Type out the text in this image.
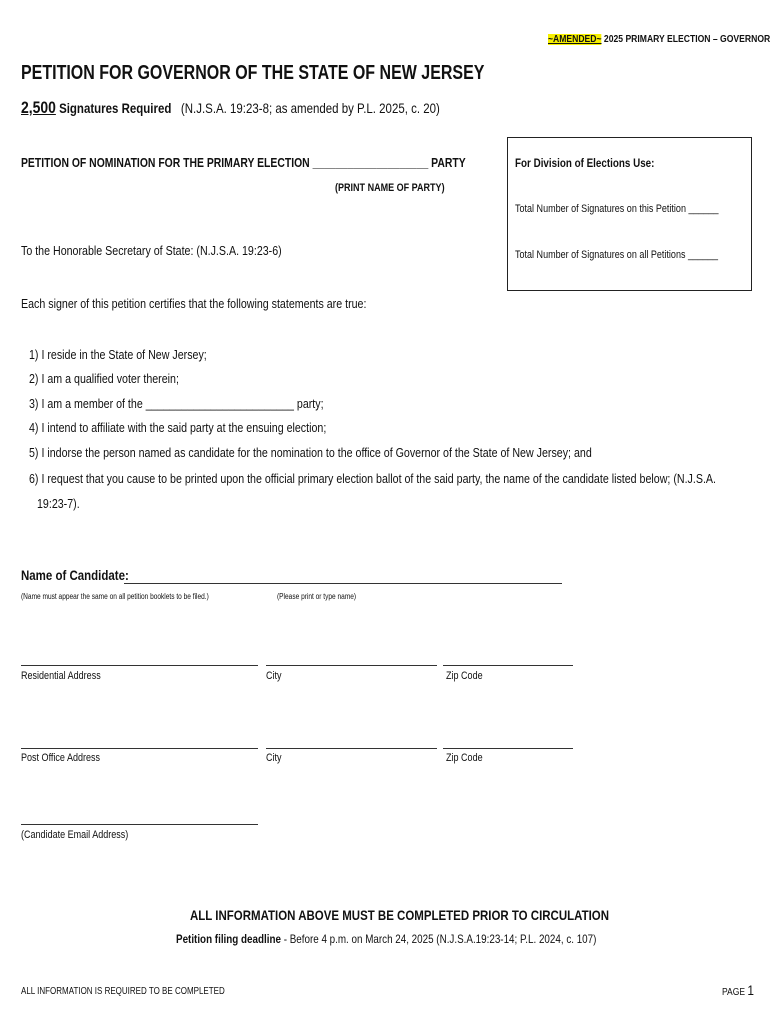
~AMENDED~ 2025 PRIMARY ELECTION – GOVERNOR
PETITION FOR GOVERNOR OF THE STATE OF NEW JERSEY
2,500 Signatures Required (N.J.S.A. 19:23-8; as amended by P.L. 2025, c. 20)
PETITION OF NOMINATION FOR THE PRIMARY ELECTION ____________________ PARTY
(PRINT NAME OF PARTY)
For Division of Elections Use:
Total Number of Signatures on this Petition ______
Total Number of Signatures on all Petitions ______
To the Honorable Secretary of State: (N.J.S.A. 19:23-6)
Each signer of this petition certifies that the following statements are true:
1) I reside in the State of New Jersey;
2) I am a qualified voter therein;
3) I am a member of the _________________________ party;
4) I intend to affiliate with the said party at the ensuing election;
5) I indorse the person named as candidate for the nomination to the office of Governor of the State of New Jersey; and
6) I request that you cause to be printed upon the official primary election ballot of the said party, the name of the candidate listed below; (N.J.S.A.
19:23-7).
Name of Candidate:
(Name must appear the same on all petition booklets to be filed.)	(Please print or type name)
Residential Address	City	Zip Code
Post Office Address	City	Zip Code
(Candidate Email Address)
ALL INFORMATION ABOVE MUST BE COMPLETED PRIOR TO CIRCULATION
Petition filing deadline - Before 4 p.m. on March 24, 2025 (N.J.S.A.19:23-14; P.L. 2024, c. 107)
ALL INFORMATION IS REQUIRED TO BE COMPLETED	PAGE 1
